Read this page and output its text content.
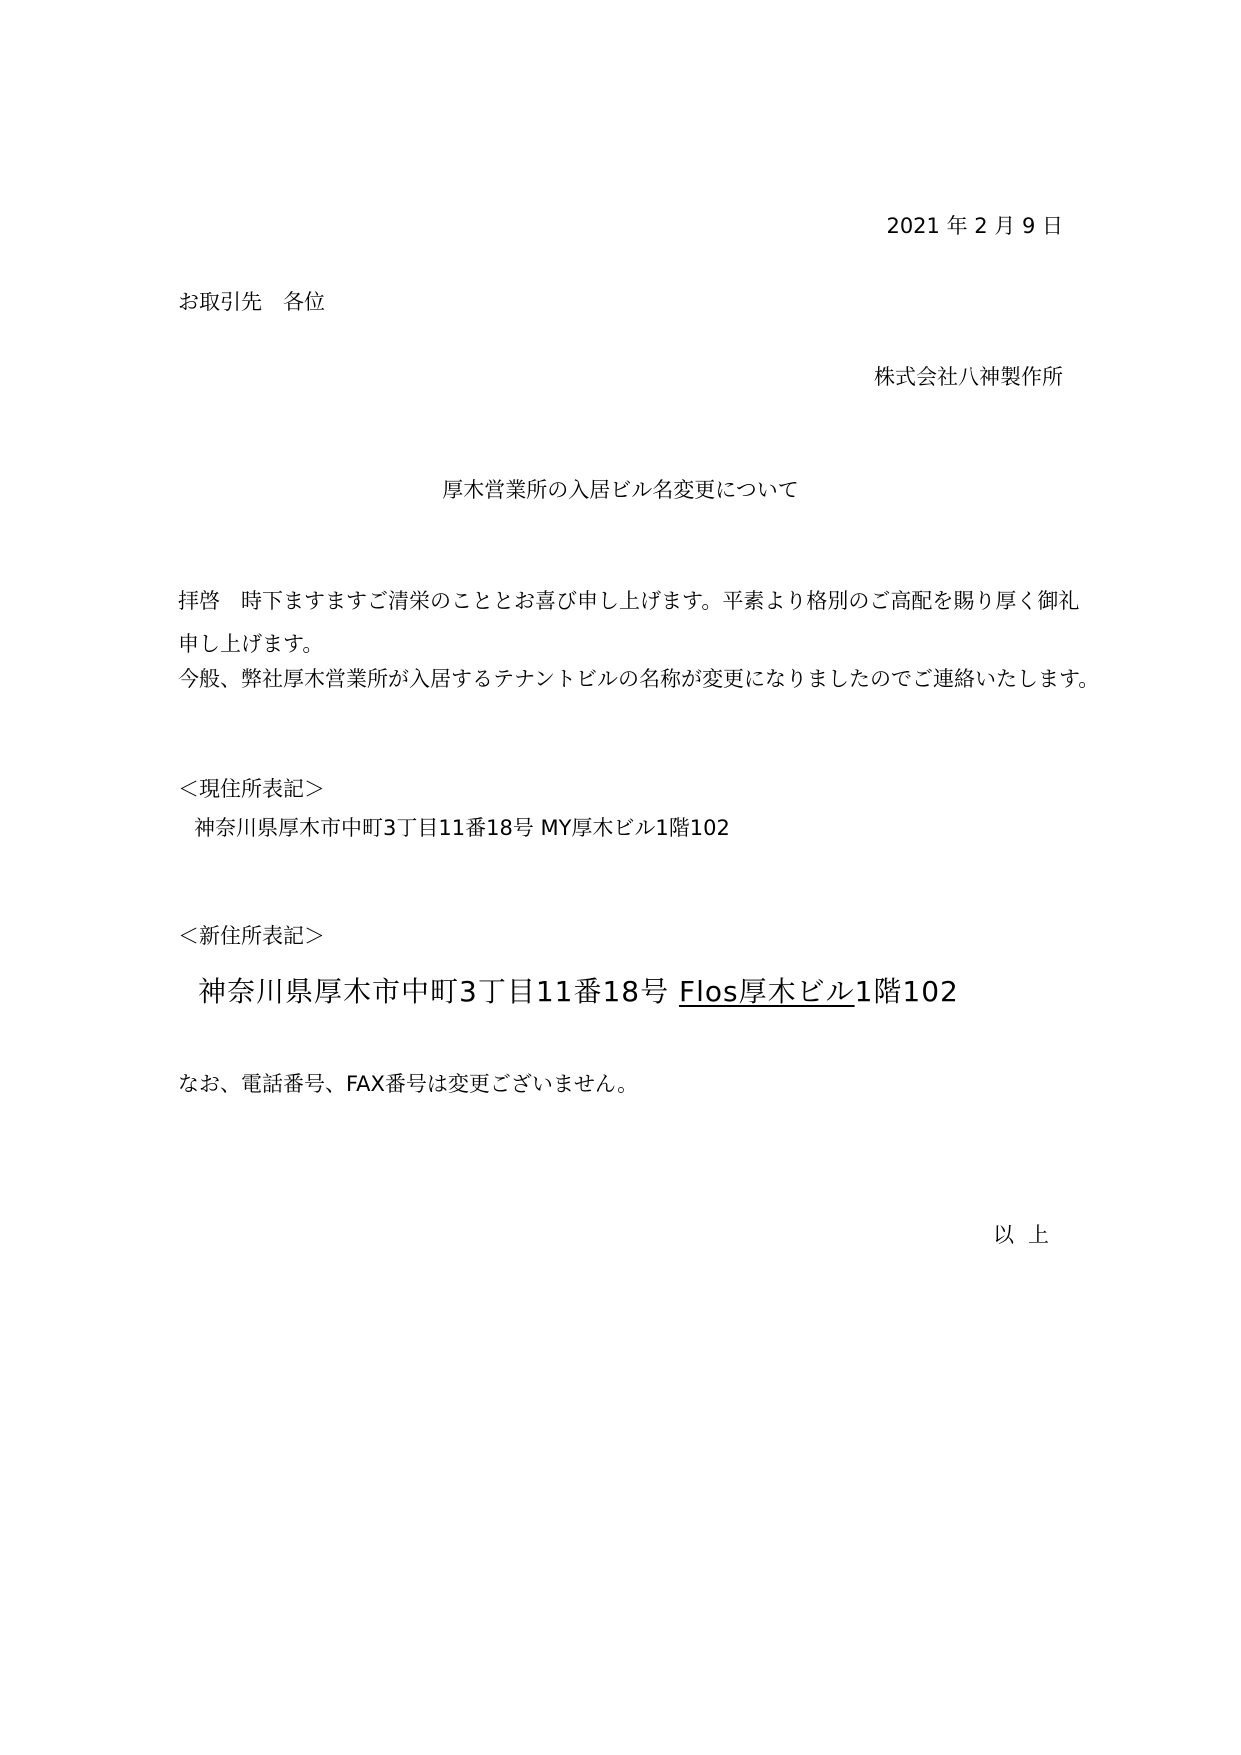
2021 年 2 月 9 日
お取引先　各位
株式会社八神製作所
厚木営業所の入居ビル名変更について
拝啓　時下ますますご清栄のこととお喜び申し上げます。平素より格別のご高配を賜り厚く御礼
申し上げます。
今般、弊社厚木営業所が入居するテナントビルの名称が変更になりましたのでご連絡いたします。
＜現住所表記＞
神奈川県厚木市中町3丁目11番18号 MY厚木ビル1階102
＜新住所表記＞
神奈川県厚木市中町3丁目11番18号 Flos厚木ビル1階102
なお、電話番号、FAX番号は変更ございません。
以上
